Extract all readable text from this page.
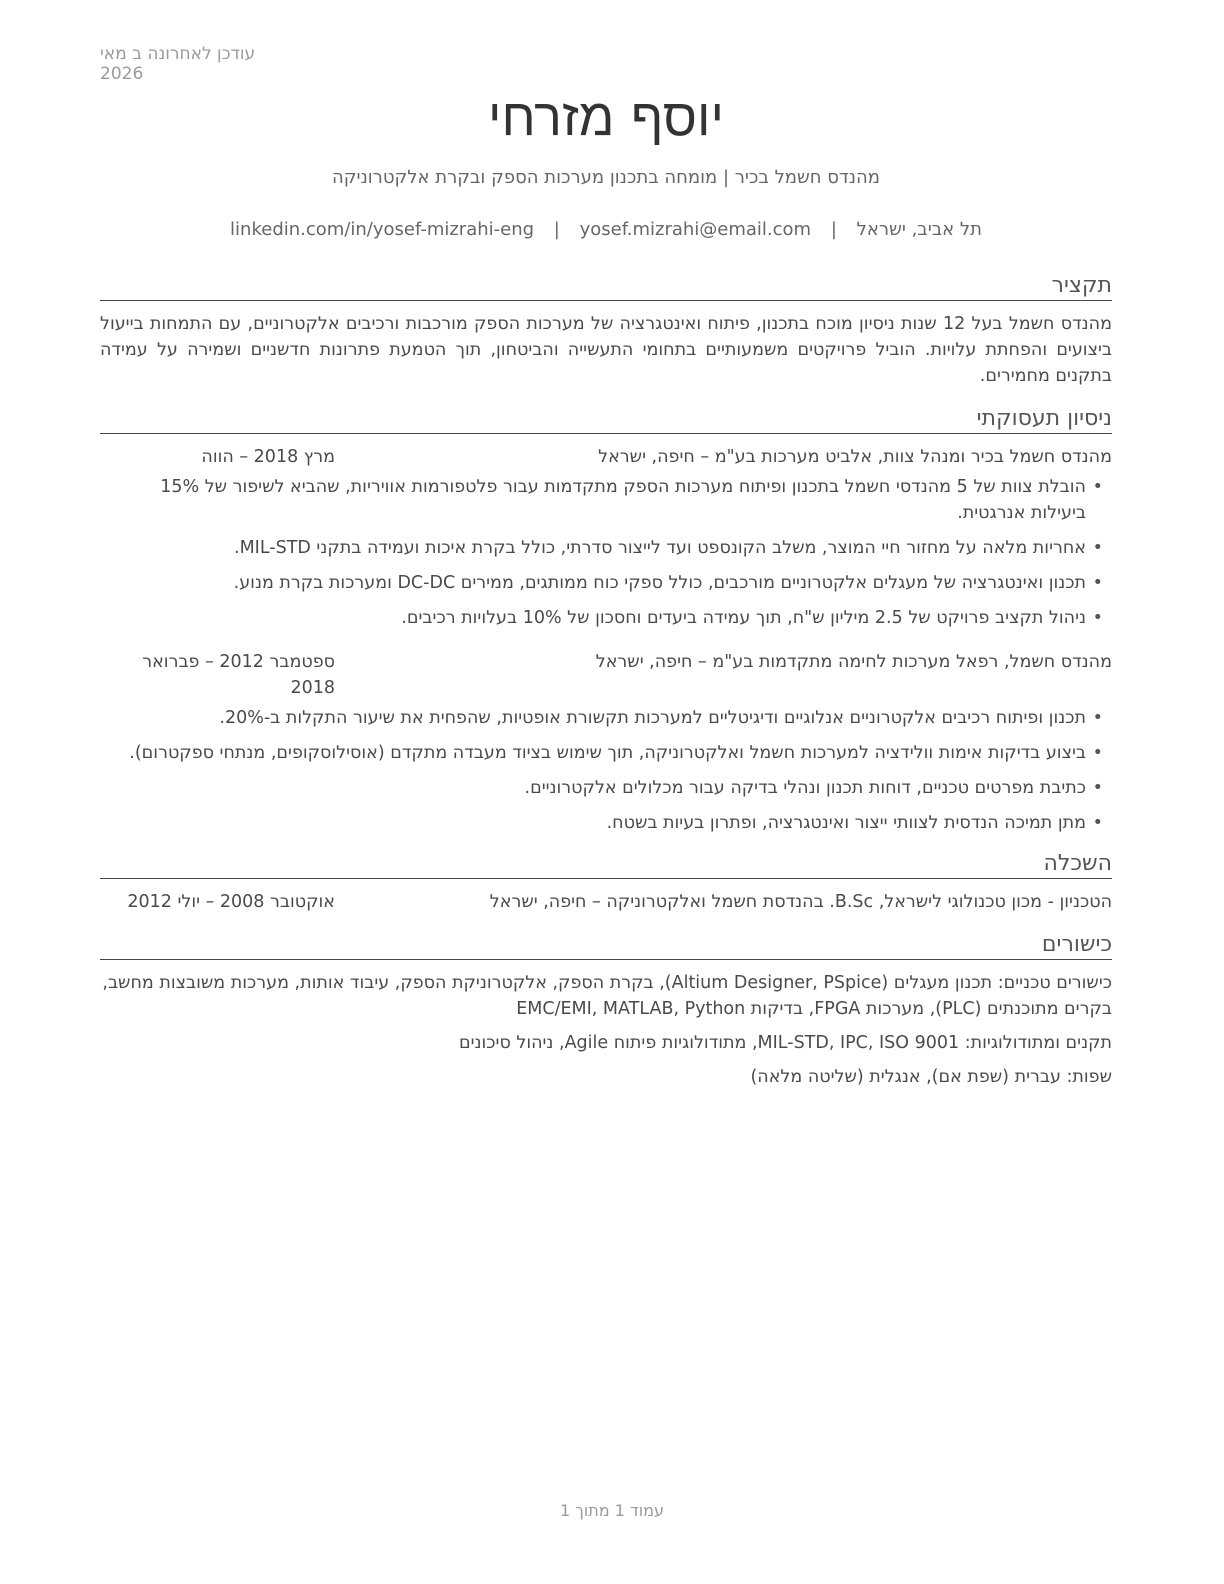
עודכן לאחרונה ב מאי 2026
יוסף מזרחי
מהנדס חשמל בכיר | מומחה בתכנון מערכות הספק ובקרת אלקטרוניקה
תל אביב, ישראל | yosef.mizrahi@email.com | linkedin.com/in/yosef-mizrahi-eng
תקציר
מהנדס חשמל בעל 12 שנות ניסיון מוכח בתכנון, פיתוח ואינטגרציה של מערכות הספק מורכבות ורכיבים אלקטרוניים, עם התמחות בייעול ביצועים והפחתת עלויות. הוביל פרויקטים משמעותיים בתחומי התעשייה והביטחון, תוך הטמעת פתרונות חדשניים ושמירה על עמידה בתקנים מחמירים.
ניסיון תעסוקתי
מהנדס חשמל בכיר ומנהל צוות, אלביט מערכות בע"מ – חיפה, ישראל
מרץ 2018 – הווה
• הובלת צוות של 5 מהנדסי חשמל בתכנון ופיתוח מערכות הספק מתקדמות עבור פלטפורמות אוויריות, שהביא לשיפור של 15% ביעילות אנרגטית.
• אחריות מלאה על מחזור חיי המוצר, משלב הקונספט ועד לייצור סדרתי, כולל בקרת איכות ועמידה בתקני MIL-STD.
• תכנון ואינטגרציה של מעגלים אלקטרוניים מורכבים, כולל ספקי כוח ממותגים, ממירים DC-DC ומערכות בקרת מנוע.
• ניהול תקציב פרויקט של 2.5 מיליון ש"ח, תוך עמידה ביעדים וחסכון של 10% בעלויות רכיבים.
מהנדס חשמל, רפאל מערכות לחימה מתקדמות בע"מ – חיפה, ישראל
ספטמבר 2012 – פברואר 2018
• תכנון ופיתוח רכיבים אלקטרוניים אנלוגיים ודיגיטליים למערכות תקשורת אופטיות, שהפחית את שיעור התקלות ב-20%.
• ביצוע בדיקות אימות וולידציה למערכות חשמל ואלקטרוניקה, תוך שימוש בציוד מעבדה מתקדם (אוסילוסקופים, מנתחי ספקטרום).
• כתיבת מפרטים טכניים, דוחות תכנון ונהלי בדיקה עבור מכלולים אלקטרוניים.
• מתן תמיכה הנדסית לצוותי ייצור ואינטגרציה, ופתרון בעיות בשטח.
השכלה
הטכניון - מכון טכנולוגי לישראל, B.Sc. בהנדסת חשמל ואלקטרוניקה – חיפה, ישראל
אוקטובר 2008 – יולי 2012
כישורים
כישורים טכניים: תכנון מעגלים (Altium Designer, PSpice), בקרת הספק, אלקטרוניקת הספק, עיבוד אותות, מערכות משובצות מחשב, בקרים מתוכנתים (PLC), מערכות FPGA, בדיקות EMC/EMI, MATLAB, Python
תקנים ומתודולוגיות: MIL-STD, IPC, ISO 9001, מתודולוגיות פיתוח Agile, ניהול סיכונים
שפות: עברית (שפת אם), אנגלית (שליטה מלאה)
עמוד 1 מתוך 1
